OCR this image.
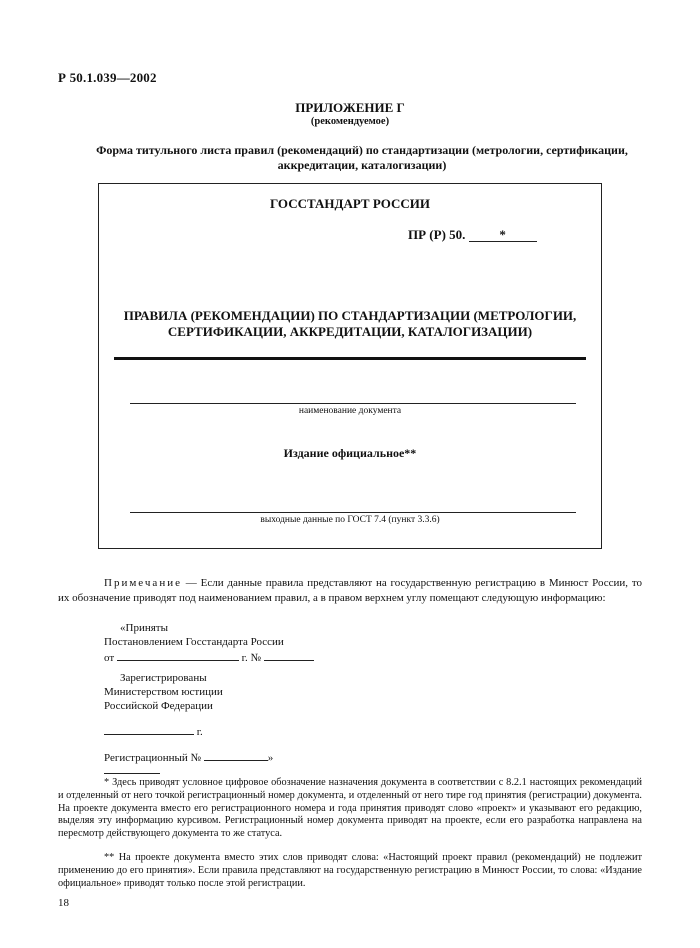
Р 50.1.039—2002
ПРИЛОЖЕНИЕ Г
(рекомендуемое)
Форма титульного листа правил (рекомендаций) по стандартизации (метрологии, сертификации, аккредитации, каталогизации)
ГОССТАНДАРТ РОССИИ
ПР (Р) 50.	*
ПРАВИЛА (РЕКОМЕНДАЦИИ) ПО СТАНДАРТИЗАЦИИ (МЕТРОЛОГИИ, СЕРТИФИКАЦИИ, АККРЕДИТАЦИИ, КАТАЛОГИЗАЦИИ)
наименование документа
Издание официальное**
выходные данные по ГОСТ 7.4 (пункт 3.3.6)
Примечание — Если данные правила представляют на государственную регистрацию в Минюст России, то их обозначение приводят под наименованием правил, а в правом верхнем углу помещают следующую информацию:
«Приняты
Постановлением Госстандарта России
от	г. №
Зарегистрированы
Министерством юстиции
Российской Федерации
г.
Регистрационный №	»
* Здесь приводят условное цифровое обозначение назначения документа в соответствии с 8.2.1 настоящих рекомендаций и отделенный от него точкой регистрационный номер документа, и отделенный от него тире год принятия (регистрации) документа. На проекте документа вместо его регистрационного номера и года принятия приводят слово «проект» и указывают его редакцию, выделяя эту информацию курсивом. Регистрационный номер документа приводят на проекте, если его разработка направлена на пересмотр действующего документа то же статуса.
** На проекте документа вместо этих слов приводят слова: «Настоящий проект правил (рекомендаций) не подлежит применению до его принятия». Если правила представляют на государственную регистрацию в Минюст России, то слова: «Издание официальное» приводят только после этой регистрации.
18
